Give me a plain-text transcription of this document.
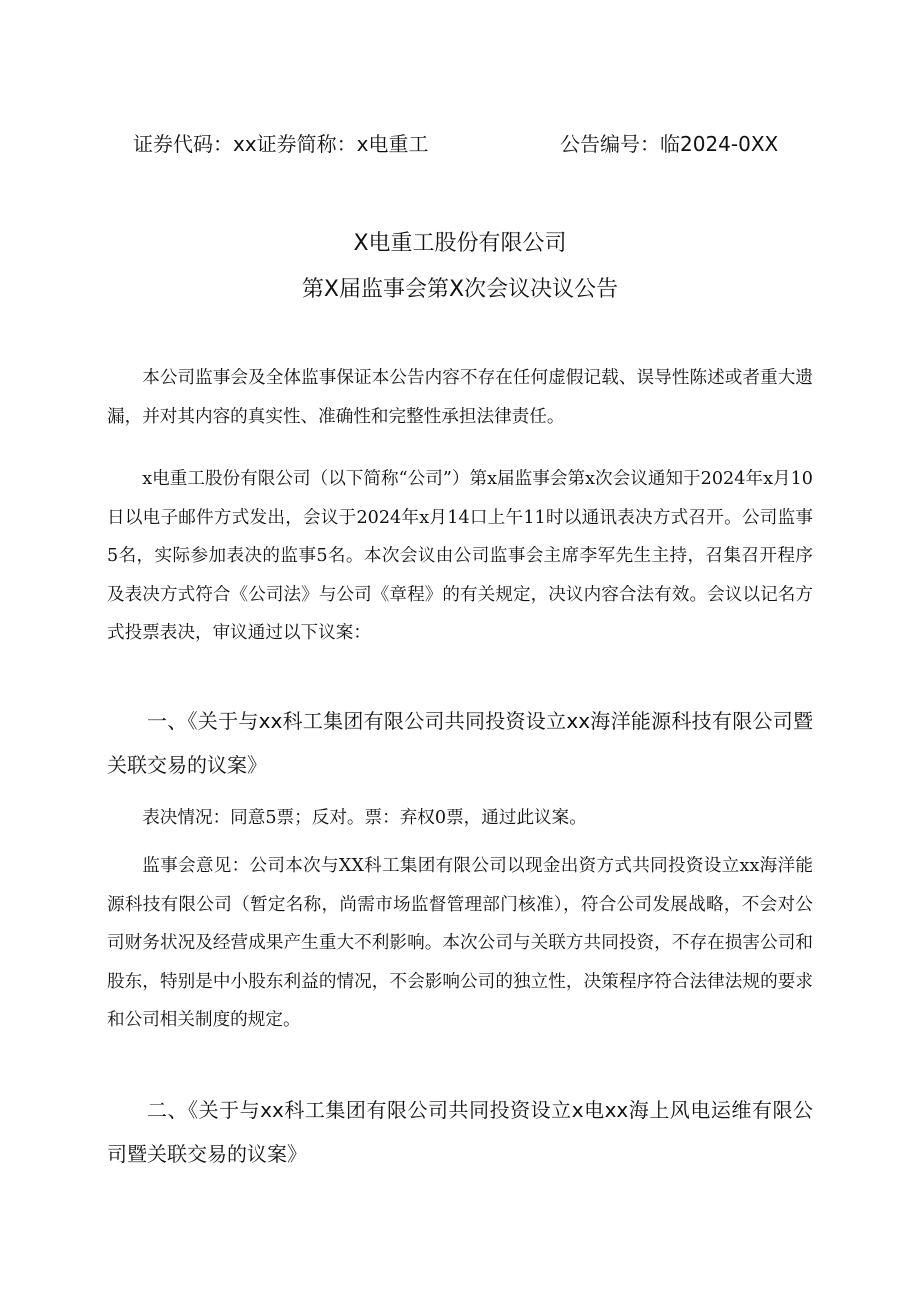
证券代码：xx证券简称：x电重工	公告编号：临2024-0XX
X电重工股份有限公司
第X届监事会第X次会议决议公告

本公司监事会及全体监事保证本公告内容不存在任何虚假记载、误导性陈述或者重大遗漏，并对其内容的真实性、准确性和完整性承担法律责任。

x电重工股份有限公司（以下简称“公司”）第x届监事会第x次会议通知于2024年x月10日以电子邮件方式发出，会议于2024年x月14口上午11时以通讯表决方式召开。公司监事5名，实际参加表决的监事5名。本次会议由公司监事会主席李军先生主持，召集召开程序及表决方式符合《公司法》与公司《章程》的有关规定，决议内容合法有效。会议以记名方式投票表决，审议通过以下议案：

一、《关于与xx科工集团有限公司共同投资设立xx海洋能源科技有限公司暨关联交易的议案》

表决情况：同意5票；反对。票：弃权0票，通过此议案。

监事会意见：公司本次与XX科工集团有限公司以现金出资方式共同投资设立xx海洋能源科技有限公司（暂定名称，尚需市场监督管理部门核准），符合公司发展战略，不会对公司财务状况及经营成果产生重大不利影响。本次公司与关联方共同投资，不存在损害公司和股东，特别是中小股东利益的情况，不会影响公司的独立性，决策程序符合法律法规的要求和公司相关制度的规定。

二、《关于与xx科工集团有限公司共同投资设立x电xx海上风电运维有限公司暨关联交易的议案》
